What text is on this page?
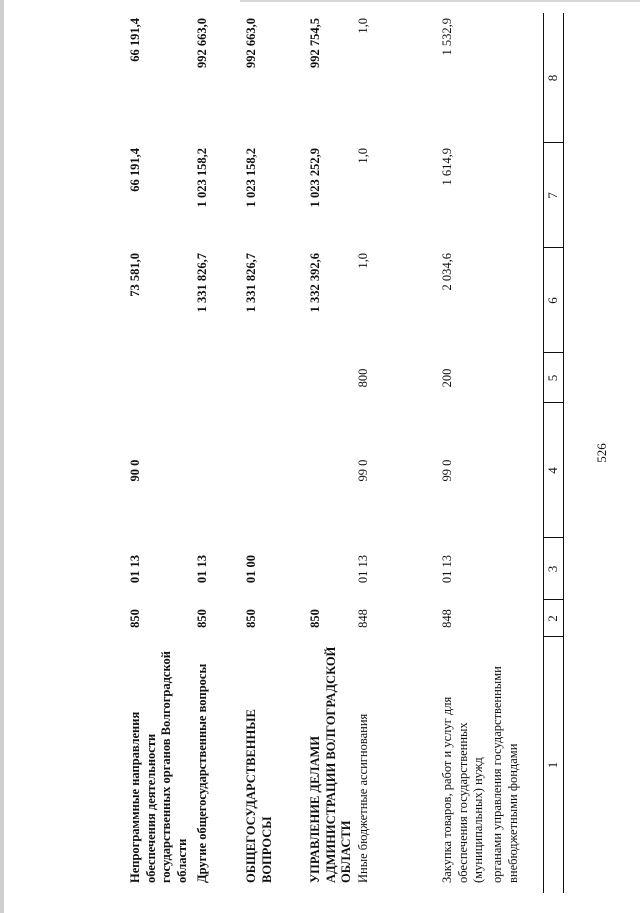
526
1
2
3
4
5
6
7
8
органами управления государственными внебюджетными фондами
Закупка товаров, работ и услуг для обеспечения государственных (муниципальных) нужд
848
01 13
99 0
200
2 034,6
1 614,9
1 532,9
Иные бюджетные ассигнования
848
01 13
99 0
800
1,0
1,0
1,0
УПРАВЛЕНИЕ ДЕЛАМИ АДМИНИСТРАЦИИ ВОЛГОГРАДСКОЙ ОБЛАСТИ
850
1 332 392,6
1 023 252,9
992 754,5
ОБЩЕГОСУДАРСТВЕННЫЕ ВОПРОСЫ
850
01 00
1 331 826,7
1 023 158,2
992 663,0
Другие общегосударственные вопросы
850
01 13
1 331 826,7
1 023 158,2
992 663,0
Непрограммные направления обеспечения деятельности государственных органов Волгоградской области
850
01 13
90 0
73 581,0
66 191,4
66 191,4
